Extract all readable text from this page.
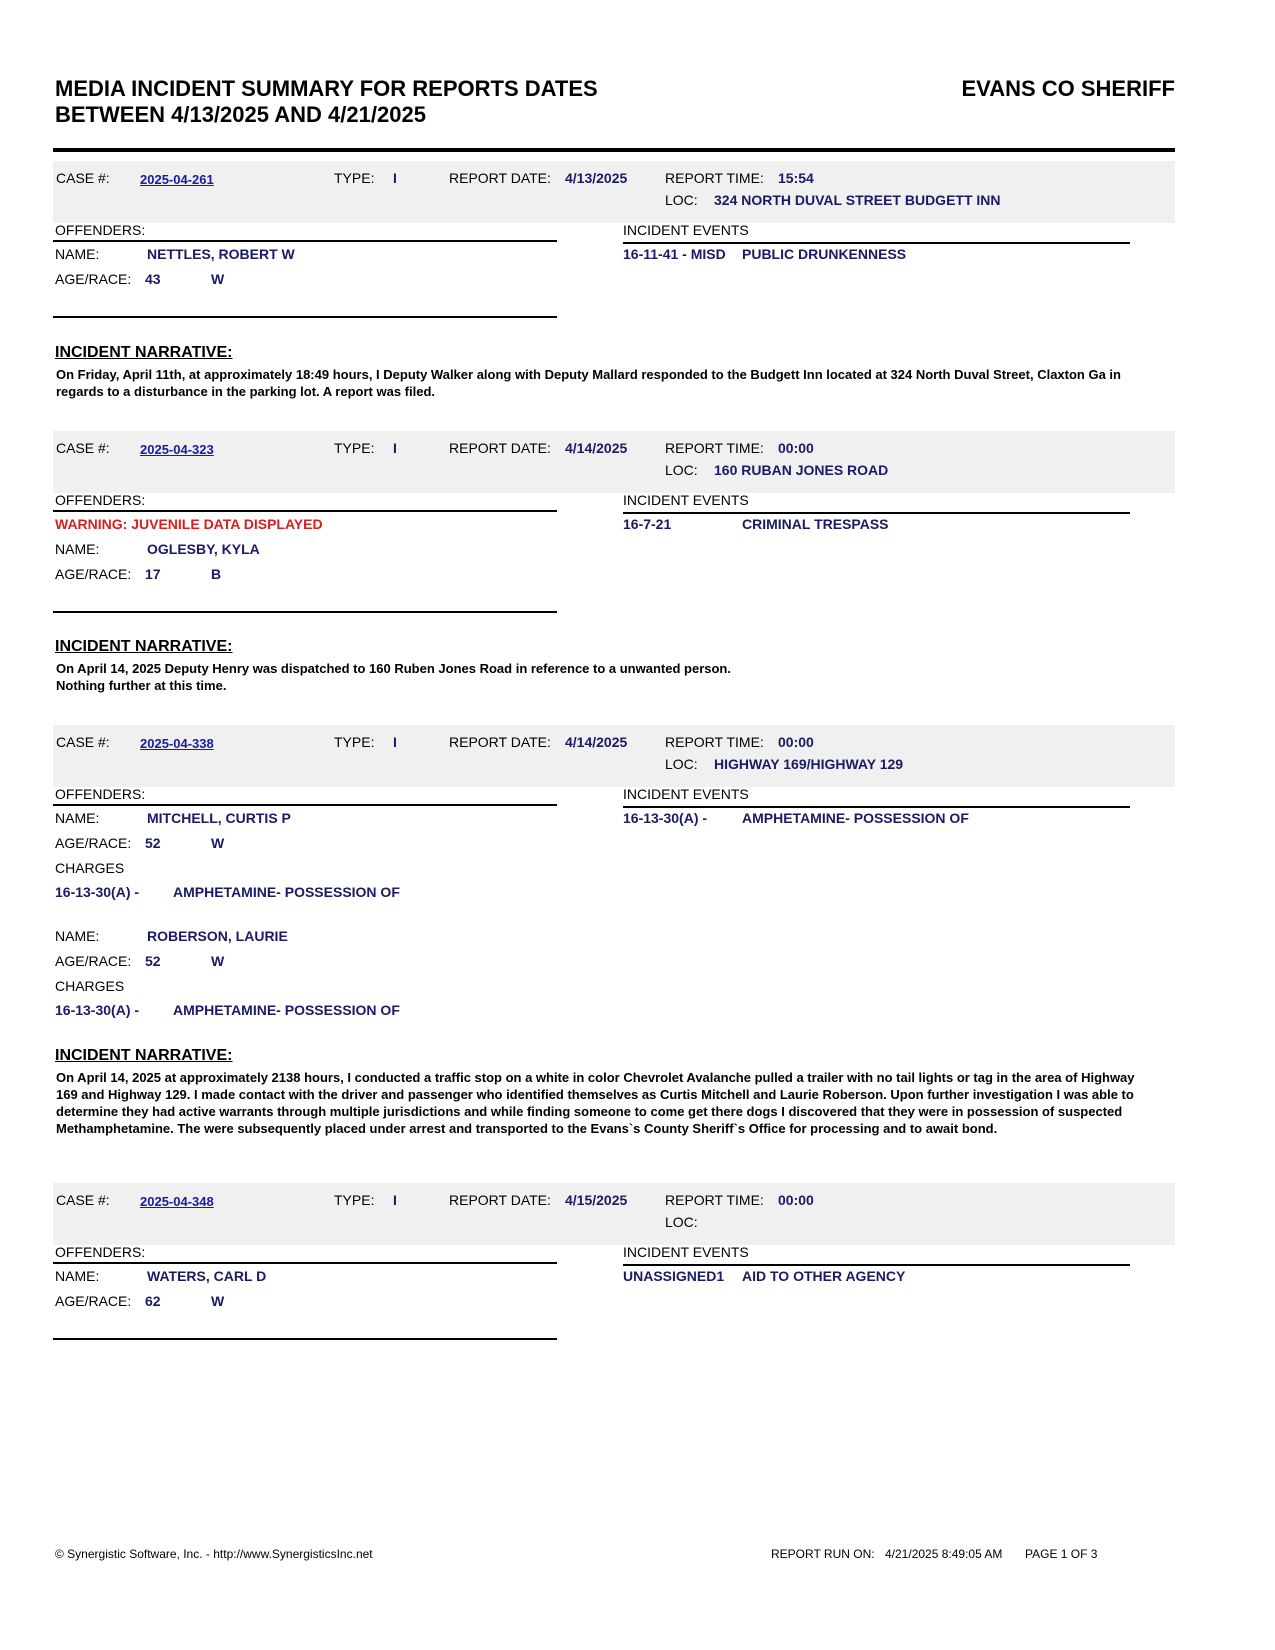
MEDIA INCIDENT SUMMARY FOR REPORTS DATES
BETWEEN 4/13/2025 AND 4/21/2025
EVANS CO SHERIFF
CASE #: 2025-04-261	TYPE: I	REPORT DATE: 4/13/2025	REPORT TIME: 15:54
LOC: 324 NORTH DUVAL STREET BUDGETT INN
OFFENDERS:	INCIDENT EVENTS
NAME:	NETTLES, ROBERT W
AGE/RACE: 43	W
16-11-41 - MISD PUBLIC DRUNKENNESS
INCIDENT NARRATIVE:
On Friday, April 11th, at approximately 18:49 hours, I Deputy Walker along with Deputy Mallard responded to the Budgett Inn located at 324 North Duval Street, Claxton Ga in regards to a disturbance in the parking lot. A report was filed.
CASE #: 2025-04-323	TYPE: I	REPORT DATE: 4/14/2025	REPORT TIME: 00:00
LOC: 160 RUBAN JONES ROAD
OFFENDERS:	INCIDENT EVENTS
WARNING: JUVENILE DATA DISPLAYED
NAME:	OGLESBY, KYLA
AGE/RACE: 17	B
16-7-21	CRIMINAL TRESPASS
INCIDENT NARRATIVE:
On April 14, 2025 Deputy Henry was dispatched to 160 Ruben Jones Road in reference to a unwanted person.
Nothing further at this time.
CASE #: 2025-04-338	TYPE: I	REPORT DATE: 4/14/2025	REPORT TIME: 00:00
LOC: HIGHWAY 169/HIGHWAY 129
OFFENDERS:	INCIDENT EVENTS
NAME:	MITCHELL, CURTIS P
AGE/RACE: 52	W
CHARGES
16-13-30(A) - AMPHETAMINE- POSSESSION OF
NAME:	ROBERSON, LAURIE
AGE/RACE: 52	W
CHARGES
16-13-30(A) - AMPHETAMINE- POSSESSION OF
16-13-30(A) - AMPHETAMINE- POSSESSION OF
INCIDENT NARRATIVE:
On April 14, 2025 at approximately 2138 hours, I conducted a traffic stop on a white in color Chevrolet Avalanche pulled a trailer with no tail lights or tag in the area of Highway 169 and Highway 129. I made contact with the driver and passenger who identified themselves as Curtis Mitchell and Laurie Roberson. Upon further investigation I was able to determine they had active warrants through multiple jurisdictions and while finding someone to come get there dogs I discovered that they were in possession of suspected Methamphetamine. The were subsequently placed under arrest and transported to the Evans`s County Sheriff`s Office for processing and to await bond.
CASE #: 2025-04-348	TYPE: I	REPORT DATE: 4/15/2025	REPORT TIME: 00:00
LOC:
OFFENDERS:	INCIDENT EVENTS
NAME:	WATERS, CARL D
AGE/RACE: 62	W
UNASSIGNED1 AID TO OTHER AGENCY
© Synergistic Software, Inc. - http://www.SynergisticsInc.net	REPORT RUN ON: 4/21/2025 8:49:05 AM PAGE 1 OF 3
